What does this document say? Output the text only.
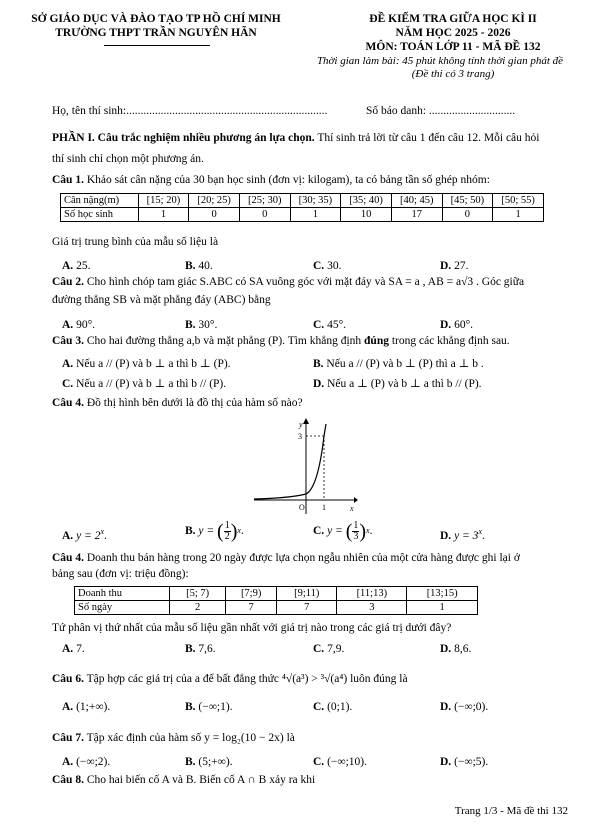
SỞ GIÁO DỤC VÀ ĐÀO TẠO TP HỒ CHÍ MINH
TRƯỜNG THPT TRẦN NGUYÊN HÃN
ĐỀ KIỂM TRA GIỮA HỌC KÌ II
NĂM HỌC 2025 - 2026
MÔN: TOÁN LỚP 11 - MÃ ĐỀ 132
Thời gian làm bài: 45 phút không tính thời gian phát đề
(Đề thi có 3 trang)
Họ, tên thí sinh:......................................................................	Số báo danh: ..............................
PHẦN I. Câu trắc nghiệm nhiều phương án lựa chọn. Thí sinh trả lời từ câu 1 đến câu 12. Mỗi câu hỏi
thí sinh chỉ chọn một phương án.
Câu 1. Khảo sát cân nặng của 30 bạn học sinh (đơn vị: kilogam), ta có bảng tần số ghép nhóm:
Cân nặng(m)	[15; 20)	[20; 25)	[25; 30)	[30; 35)	[35; 40)	[40; 45)	[45; 50)	[50; 55)
Số học sinh	1	0	0	1	10	17	0	1
Giá trị trung bình của mẫu số liệu là
A. 25.	B. 40.	C. 30.	D. 27.
Câu 2. Cho hình chóp tam giác S.ABC có SA vuông góc với mặt đáy và SA = a , AB = a√3 . Góc giữa
đường thẳng SB và mặt phẳng đáy (ABC) bằng
A. 90°.	B. 30°.	C. 45°.	D. 60°.
Câu 3. Cho hai đường thẳng a,b và mặt phẳng (P). Tìm khẳng định đúng trong các khẳng định sau.
A. Nếu a // (P) và b ⊥ a thì b ⊥ (P).	B. Nếu a // (P) và b ⊥ (P) thì a ⊥ b .
C. Nếu a // (P) và b ⊥ a thì b // (P).	D. Nếu a ⊥ (P) và b ⊥ a thì b // (P).
Câu 4. Đồ thị hình bên dưới là đồ thị của hàm số nào?
y
3
O 1	x
A. $y = 2^x$.	B. y = ( $\frac{1}{2} )^x$.	C. y = ( $\frac{1}{3} )^x$.	D. $y = 3^x$.
Câu 4. Doanh thu bán hàng trong 20 ngày được lựa chọn ngẫu nhiên của một cửa hàng được ghi lại ở
bảng sau (đơn vị: triệu đồng):
Doanh thu	[5; 7)	[7;9)	[9;11)	[11;13)	[13;15)
Số ngày	2	7	7	3	1
Tứ phân vị thứ nhất của mẫu số liệu gần nhất với giá trị nào trong các giá trị dưới đây?
A. 7.	B. 7,6.	C. 7,9.	D. 8,6.
Câu 6. Tập hợp các giá trị của a để bất đẳng thức ⁴√(a³) > ³√(a⁴) luôn đúng là
A. (1;+∞).	B. (−∞;1).	C. (0;1).	D. (−∞;0).
Câu 7. Tập xác định của hàm số y = log₂(10 − 2x) là
A. (−∞;2).	B. (5;+∞).	C. (−∞;10).	D. (−∞;5).
Câu 8. Cho hai biến cố A và B. Biến cố A ∩ B xảy ra khi
Trang 1/3 - Mã đề thi 132
